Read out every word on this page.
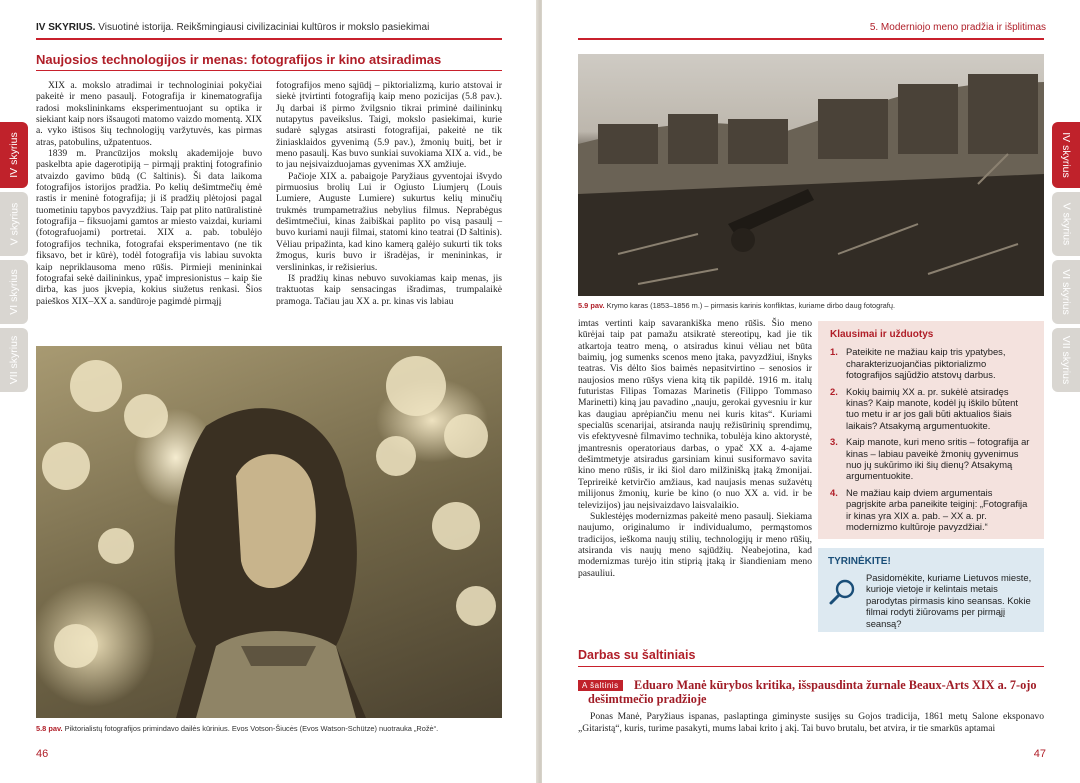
IV SKYRIUS. Visuotinė istorija. Reikšmingiausi civilizaciniai kultūros ir mokslo pasiekimai
Naujosios technologijos ir menas: fotografijos ir kino atsiradimas

XIX a. mokslo atradimai ir technologiniai pokyčiai pakeitė ir meno pasaulį. Fotografija ir kinematografija radosi mokslininkams eksperimentuojant su optika ir siekiant kaip nors išsaugoti matomo vaizdo momentą. XIX a. vyko ištisos šių technologijų varžytuvės, kas pirmas atras, patobulins, užpatentuos.

1839 m. Prancūzijos mokslų akademijoje buvo paskelbta apie dagerotipiją – pirmąjį praktinį fotografinio atvaizdo gavimo būdą (C šaltinis). Ši data laikoma fotografijos istorijos pradžia. Po kelių dešimtmečių ėmė rastis ir meninė fotografija; ji iš pradžių plėtojosi pagal tuometiniu tapybos pavyzdžius. Taip pat plito natūralistinė fotografija – fiksuojami gamtos ar miesto vaizdai, kuriami (fotografuojami) portretai. XIX a. pab. tobulėjo fotografijos technika, fotografai eksperimentavo (ne tik fiksavo, bet ir kūrė), todėl fotografija vis labiau suvokta kaip nepriklausoma meno rūšis. Pirmieji menininkai fotografai sekė dailininkus, ypač impresionistus – kaip šie dirba, kas juos įkvepia, kokius siužetus renkasi. Šios paieškos XIX–XX a. sandūroje pagimdė pirmąjį

fotografijos meno sąjūdį – piktorializmą, kurio atstovai ir siekė įtvirtinti fotografiją kaip meno pozicijas (5.8 pav.). Jų darbai iš pirmo žvilgsnio tikrai priminė dailininkų nutapytus paveikslus. Taigi, mokslo pasiekimai, kurie sudarė sąlygas atsirasti fotografijai, pakeitė ne tik žiniasklaidos gyvenimą (5.9 pav.), žmonių buitį, bet ir meno pasaulį. Kas buvo sunkiai suvokiama XIX a. vid., be to jau neįsivaizduojamas gyvenimas XX amžiuje.

Pačioje XIX a. pabaigoje Paryžiaus gyventojai išvydo pirmuosius brolių Lui ir Ogiusto Liumjerų (Louis Lumiere, Auguste Lumiere) sukurtus kelių minučių trukmės trumpametražius nebylius filmus. Neprabėgus dešimtmečiui, kinas žaibiškai paplito po visą pasaulį – buvo kuriami nauji filmai, statomi kino teatrai (D šaltinis). Vėliau pripažinta, kad kino kamerą galėjo sukurti tik toks žmogus, kuris buvo ir išradėjas, ir menininkas, ir verslininkas, ir režisierius.

Iš pradžių kinas nebuvo suvokiamas kaip menas, jis traktuotas kaip sensacingas išradimas, trumpalaikė pramoga. Tačiau jau XX a. pr. kinas vis labiau

5.8 pav. Piktorialistų fotografijos primindavo dailės kūrinius. Evos Votson-Šiucės (Evos Watson-Schütze) nuotrauka „Rožė“.
46
IV skyrius
V skyrius
VI skyrius
VII skyrius
5. Moderniojo meno pradžia ir išplitimas
5.9 pav. Krymo karas (1853–1856 m.) – pirmasis karinis konfliktas, kuriame dirbo daug fotografų.

imtas vertinti kaip savarankiška meno rūšis. Šio meno kūrėjai taip pat pamažu atsikratė stereotipų, kad jie tik atkartoja teatro meną, o atsiradus kinui vėliau net būta baimių, jog sumenks scenos meno įtaka, pavyzdžiui, išnyks teatras. Vis dėlto šios baimės nepasitvirtino – senosios ir naujosios meno rūšys viena kitą tik papildė. 1916 m. italų futuristas Filipas Tomazas Marinetis (Filippo Tommaso Marinetti) kiną jau pavadino „nauju, gerokai gyvesniu ir kur kas daugiau aprėpiančiu menu nei kuris kitas“. Kuriami specialūs scenarijai, atsiranda naujų režisūrinių sprendimų, vis efektyvesnė filmavimo technika, tobulėja kino aktorystė, įmantresnis operatoriaus darbas, o ypač XX a. 4-ajame dešimtmetyje atsiradus garsiniam kinui susiformavo savita kino meno rūšis, ir iki šiol daro milžinišką įtaką žmonijai. Teprireikė ketvirčio amžiaus, kad naujasis menas sužavėtų milijonus žmonių, kurie be kino (o nuo XX a. vid. ir be televizijos) jau neįsivaizdavo laisvalaikio.

Suklestėjęs modernizmas pakeitė meno pasaulį. Siekiama naujumo, originalumo ir individualumo, permąstomos tradicijos, ieškoma naujų stilių, technologijų ir meno rūšių, atsiranda vis naujų meno sąjūdžių. Neabejotina, kad modernizmas turėjo itin stiprią įtaką ir šiandieniam meno pasauliui.

Klausimai ir užduotys
1. Pateikite ne mažiau kaip tris ypatybes, charakterizuojančias piktorializmo fotografijos sąjūdžio atstovų darbus.
2. Kokių baimių XX a. pr. sukėlė atsiradęs kinas? Kaip manote, kodėl jų iškilo būtent tuo metu ir ar jos gali būti aktualios šiais laikais? Atsakymą argumentuokite.
3. Kaip manote, kuri meno sritis – fotografija ar kinas – labiau paveikė žmonių gyvenimus nuo jų sukūrimo iki šių dienų? Atsakymą argumentuokite.
4. Ne mažiau kaip dviem argumentais pagrįskite arba paneikite teiginį: „Fotografija ir kinas yra XIX a. pab. – XX a. pr. modernizmo kultūroje pavyzdžiai.“
TYRINĖKITE!

Pasidomėkite, kuriame Lietuvos mieste, kurioje vietoje ir kelintais metais parodytas pirmasis kino seansas. Kokie filmai rodyti žiūrovams per pirmąjį seansą?

Darbas su šaltiniais
Eduaro Manė kūrybos kritika, išspausdinta žurnale Beaux-Arts XIX a. 7-ojo dešimtmečio pradžioje
A šaltinis
Ponas Manė, Paryžiaus ispanas, paslaptinga giminyste susijęs su Gojos tradicija, 1861 metų Salone eksponavo „Gitaristą“, kuris, turime pasakyti, mums labai krito į akį. Tai buvo brutalu, bet atvira, ir tie smarkūs aptamai
47
IV skyrius
V skyrius
VI skyrius
VII skyrius
